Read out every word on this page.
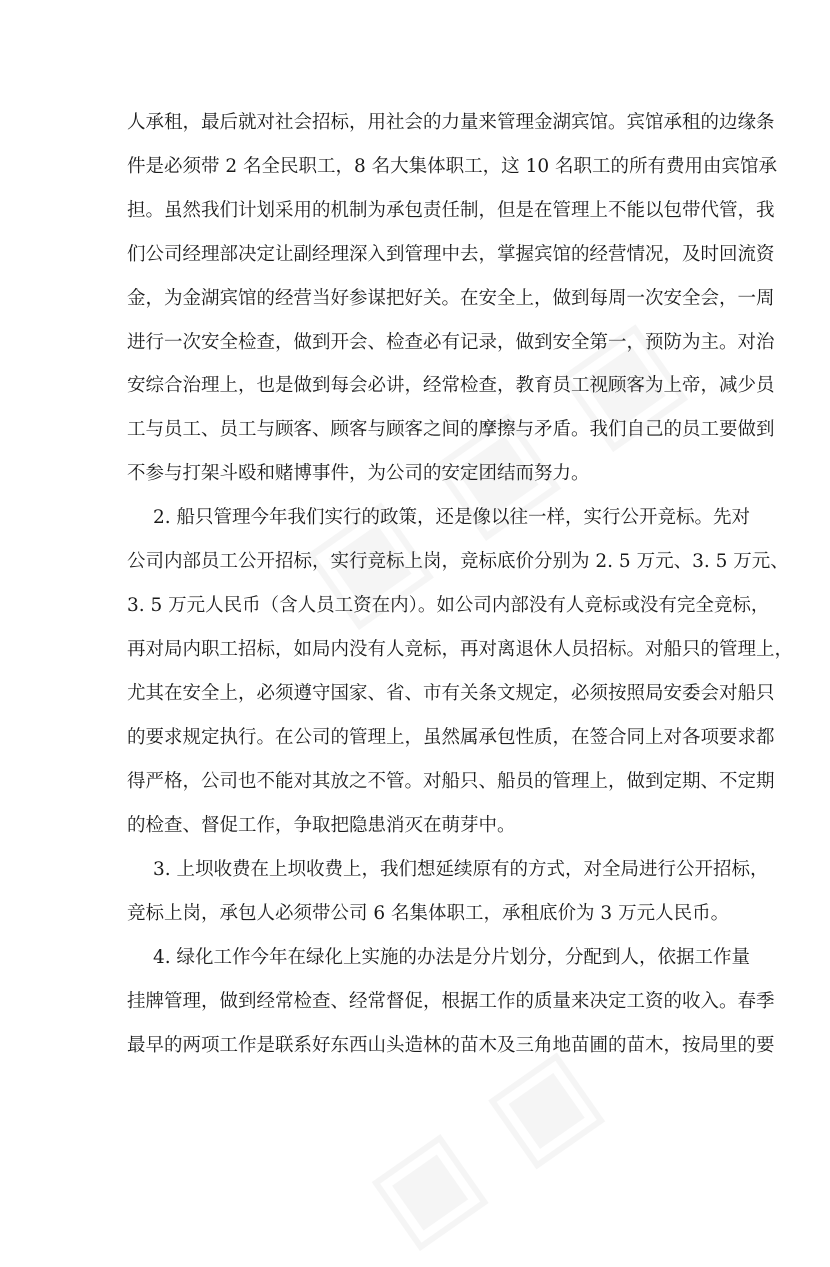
人承租，最后就对社会招标，用社会的力量来管理金湖宾馆。宾馆承租的边缘条
件是必须带 2 名全民职工，8 名大集体职工，这 10 名职工的所有费用由宾馆承
担。虽然我们计划采用的机制为承包责任制，但是在管理上不能以包带代管，我
们公司经理部决定让副经理深入到管理中去，掌握宾馆的经营情况，及时回流资
金，为金湖宾馆的经营当好参谋把好关。在安全上，做到每周一次安全会，一周
进行一次安全检查，做到开会、检查必有记录，做到安全第一，预防为主。对治
安综合治理上，也是做到每会必讲，经常检查，教育员工视顾客为上帝，减少员
工与员工、员工与顾客、顾客与顾客之间的摩擦与矛盾。我们自己的员工要做到
不参与打架斗殴和赌博事件，为公司的安定团结而努力。
2. 船只管理今年我们实行的政策，还是像以往一样，实行公开竞标。先对
公司内部员工公开招标，实行竞标上岗，竞标底价分别为 2. 5 万元、3. 5 万元、
3. 5 万元人民币（含人员工资在内）。如公司内部没有人竞标或没有完全竞标，
再对局内职工招标，如局内没有人竞标，再对离退休人员招标。对船只的管理上，
尤其在安全上，必须遵守国家、省、市有关条文规定，必须按照局安委会对船只
的要求规定执行。在公司的管理上，虽然属承包性质，在签合同上对各项要求都
得严格，公司也不能对其放之不管。对船只、船员的管理上，做到定期、不定期
的检查、督促工作，争取把隐患消灭在萌芽中。
3. 上坝收费在上坝收费上，我们想延续原有的方式，对全局进行公开招标，
竞标上岗，承包人必须带公司 6 名集体职工，承租底价为 3 万元人民币。
4. 绿化工作今年在绿化上实施的办法是分片划分，分配到人，依据工作量
挂牌管理，做到经常检查、经常督促，根据工作的质量来决定工资的收入。春季
最早的两项工作是联系好东西山头造林的苗木及三角地苗圃的苗木，按局里的要
